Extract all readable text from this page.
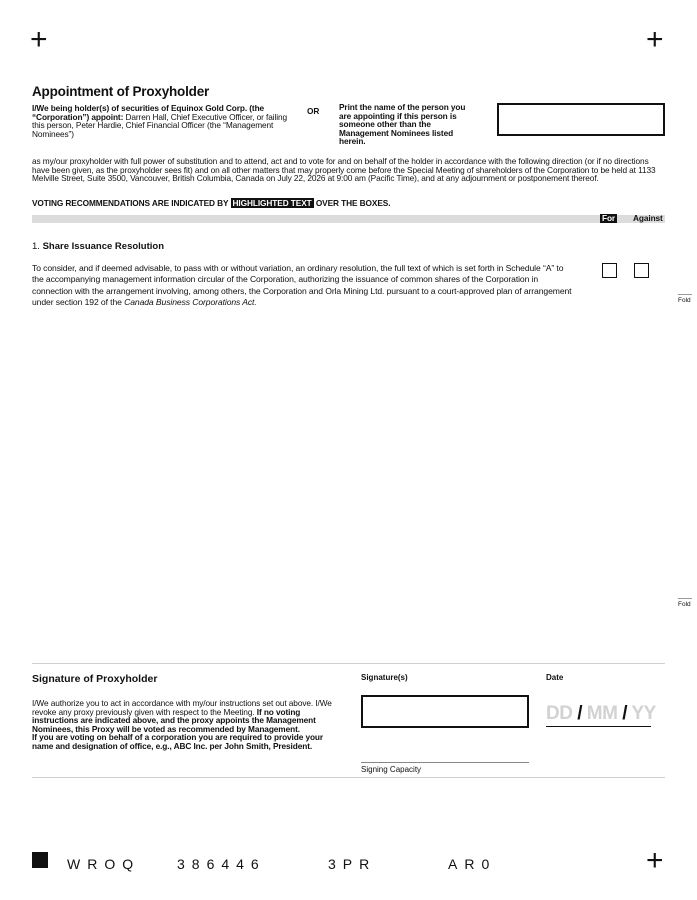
+	+
+
Appointment of Proxyholder
I/We being holder(s) of securities of Equinox Gold Corp. (the “Corporation”) appoint: Darren Hall, Chief Executive Officer, or failing this person, Peter Hardie, Chief Financial Officer (the “Management Nominees”)
OR Print the name of the person you are appointing if this person is someone other than the Management Nominees listed herein.
as my/our proxyholder with full power of substitution and to attend, act and to vote for and on behalf of the holder in accordance with the following direction (or if no directions have been given, as the proxyholder sees fit) and on all other matters that may properly come before the Special Meeting of shareholders of the Corporation to be held at 1133 Melville Street, Suite 3500, Vancouver, British Columbia, Canada on July 22, 2026 at 9:00 am (Pacific Time), and at any adjournment or postponement thereof.
VOTING RECOMMENDATIONS ARE INDICATED BY HIGHLIGHTED TEXT OVER THE BOXES.
For Against
1. Share Issuance Resolution
To consider, and if deemed advisable, to pass with or without variation, an ordinary resolution, the full text of which is set forth in Schedule “A” to the accompanying management information circular of the Corporation, authorizing the issuance of common shares of the Corporation in connection with the arrangement involving, among others, the Corporation and Orla Mining Ltd. pursuant to a court-approved plan of arrangement under section 192 of the Canada Business Corporations Act.	Fold
Fold
Signature of Proxyholder
I/We authorize you to act in accordance with my/our instructions set out above. I/We revoke any proxy previously given with respect to the Meeting. If no voting instructions are indicated above, and the proxy appoints the Management Nominees, this Proxy will be voted as recommended by Management.
If you are voting on behalf of a corporation you are required to provide your name and designation of office, e.g., ABC Inc. per John Smith, President.
Signature(s)
Signing Capacity
Date
DD / MM / YY
WROQ	386446	3PR	AR0
